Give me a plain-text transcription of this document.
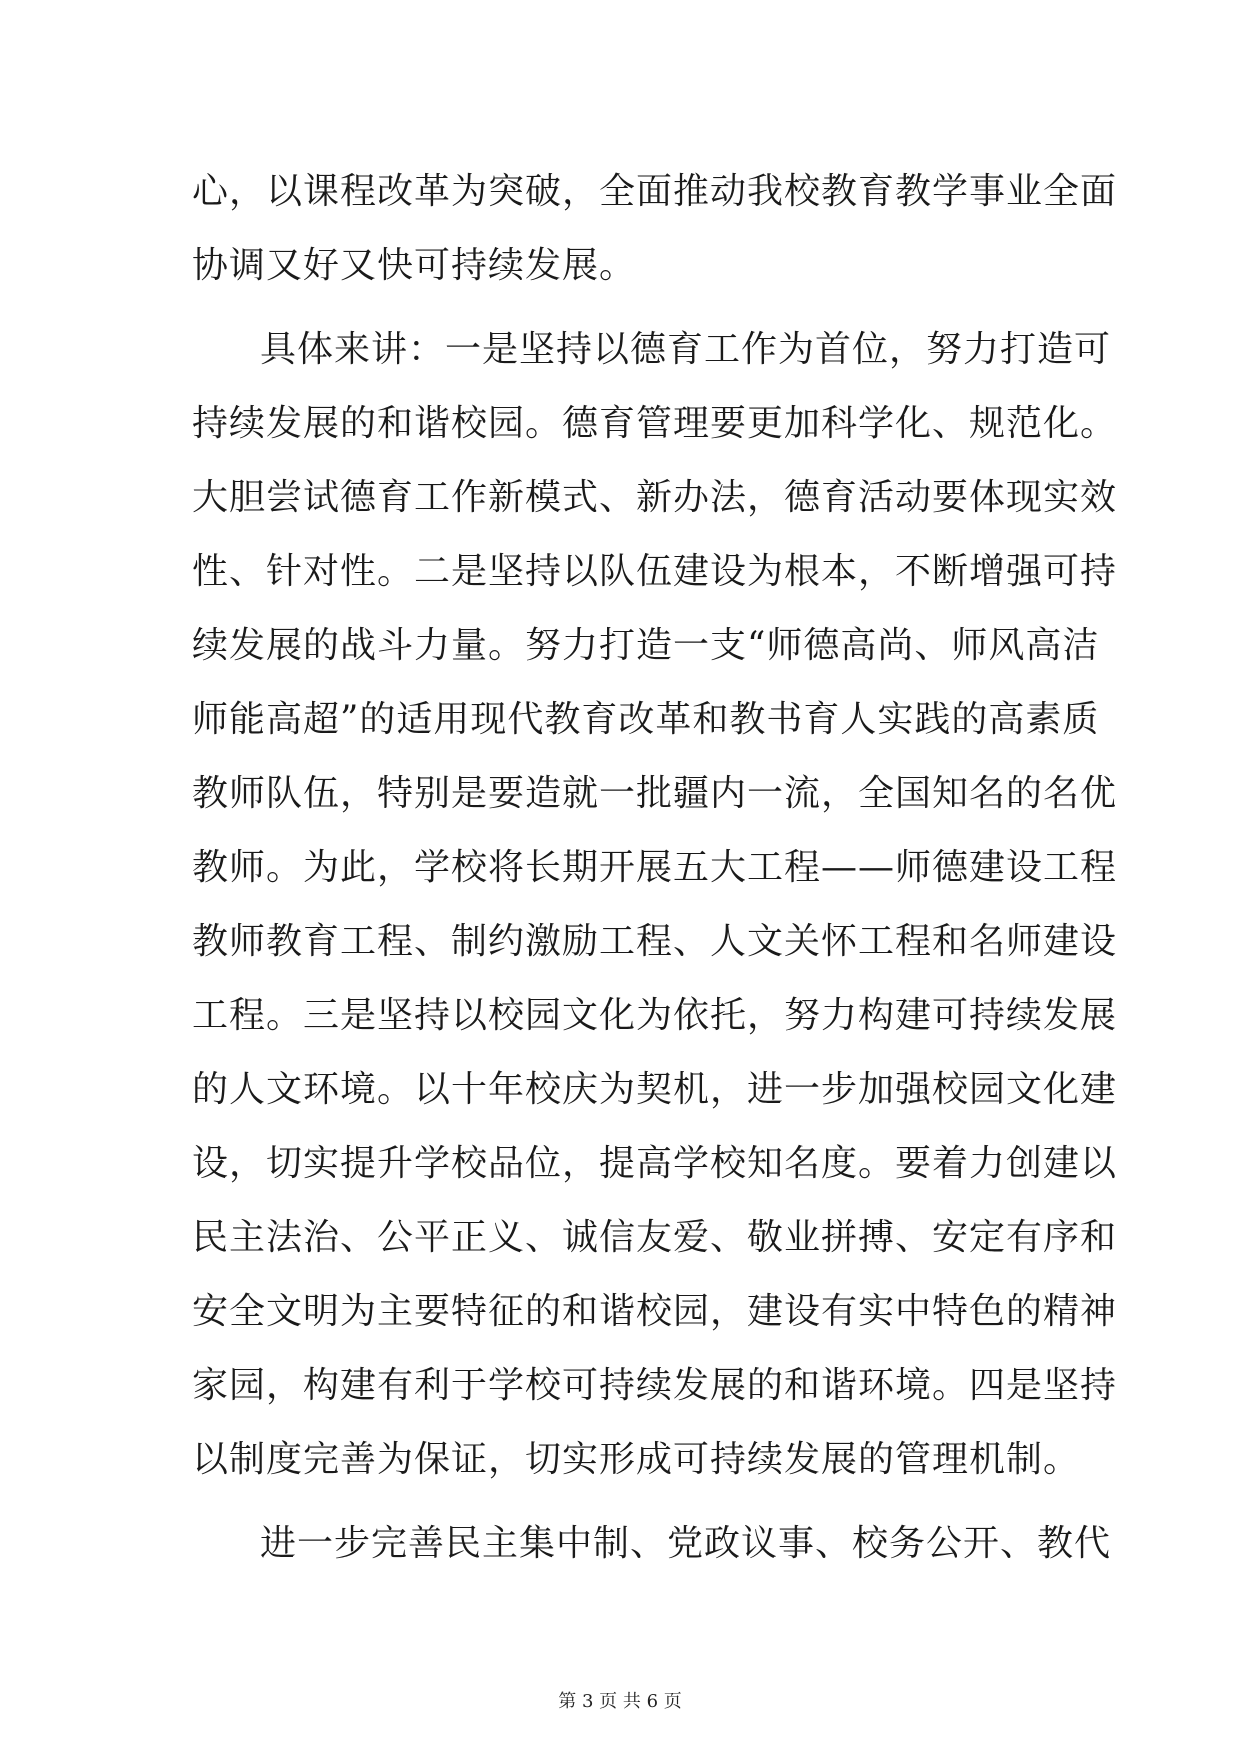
心，以课程改革为突破，全面推动我校教育教学事业全面
协调又好又快可持续发展。
具体来讲：一是坚持以德育工作为首位，努力打造可
持续发展的和谐校园。德育管理要更加科学化、规范化。
大胆尝试德育工作新模式、新办法，德育活动要体现实效
性、针对性。二是坚持以队伍建设为根本，不断增强可持
续发展的战斗力量。努力打造一支“师德高尚、师风高洁
师能高超”的适用现代教育改革和教书育人实践的高素质
教师队伍，特别是要造就一批疆内一流，全国知名的名优
教师。为此，学校将长期开展五大工程——师德建设工程
教师教育工程、制约激励工程、人文关怀工程和名师建设
工程。三是坚持以校园文化为依托，努力构建可持续发展
的人文环境。以十年校庆为契机，进一步加强校园文化建
设，切实提升学校品位，提高学校知名度。要着力创建以
民主法治、公平正义、诚信友爱、敬业拼搏、安定有序和
安全文明为主要特征的和谐校园，建设有实中特色的精神
家园，构建有利于学校可持续发展的和谐环境。四是坚持
以制度完善为保证，切实形成可持续发展的管理机制。
进一步完善民主集中制、党政议事、校务公开、教代
第 3 页 共 6 页
